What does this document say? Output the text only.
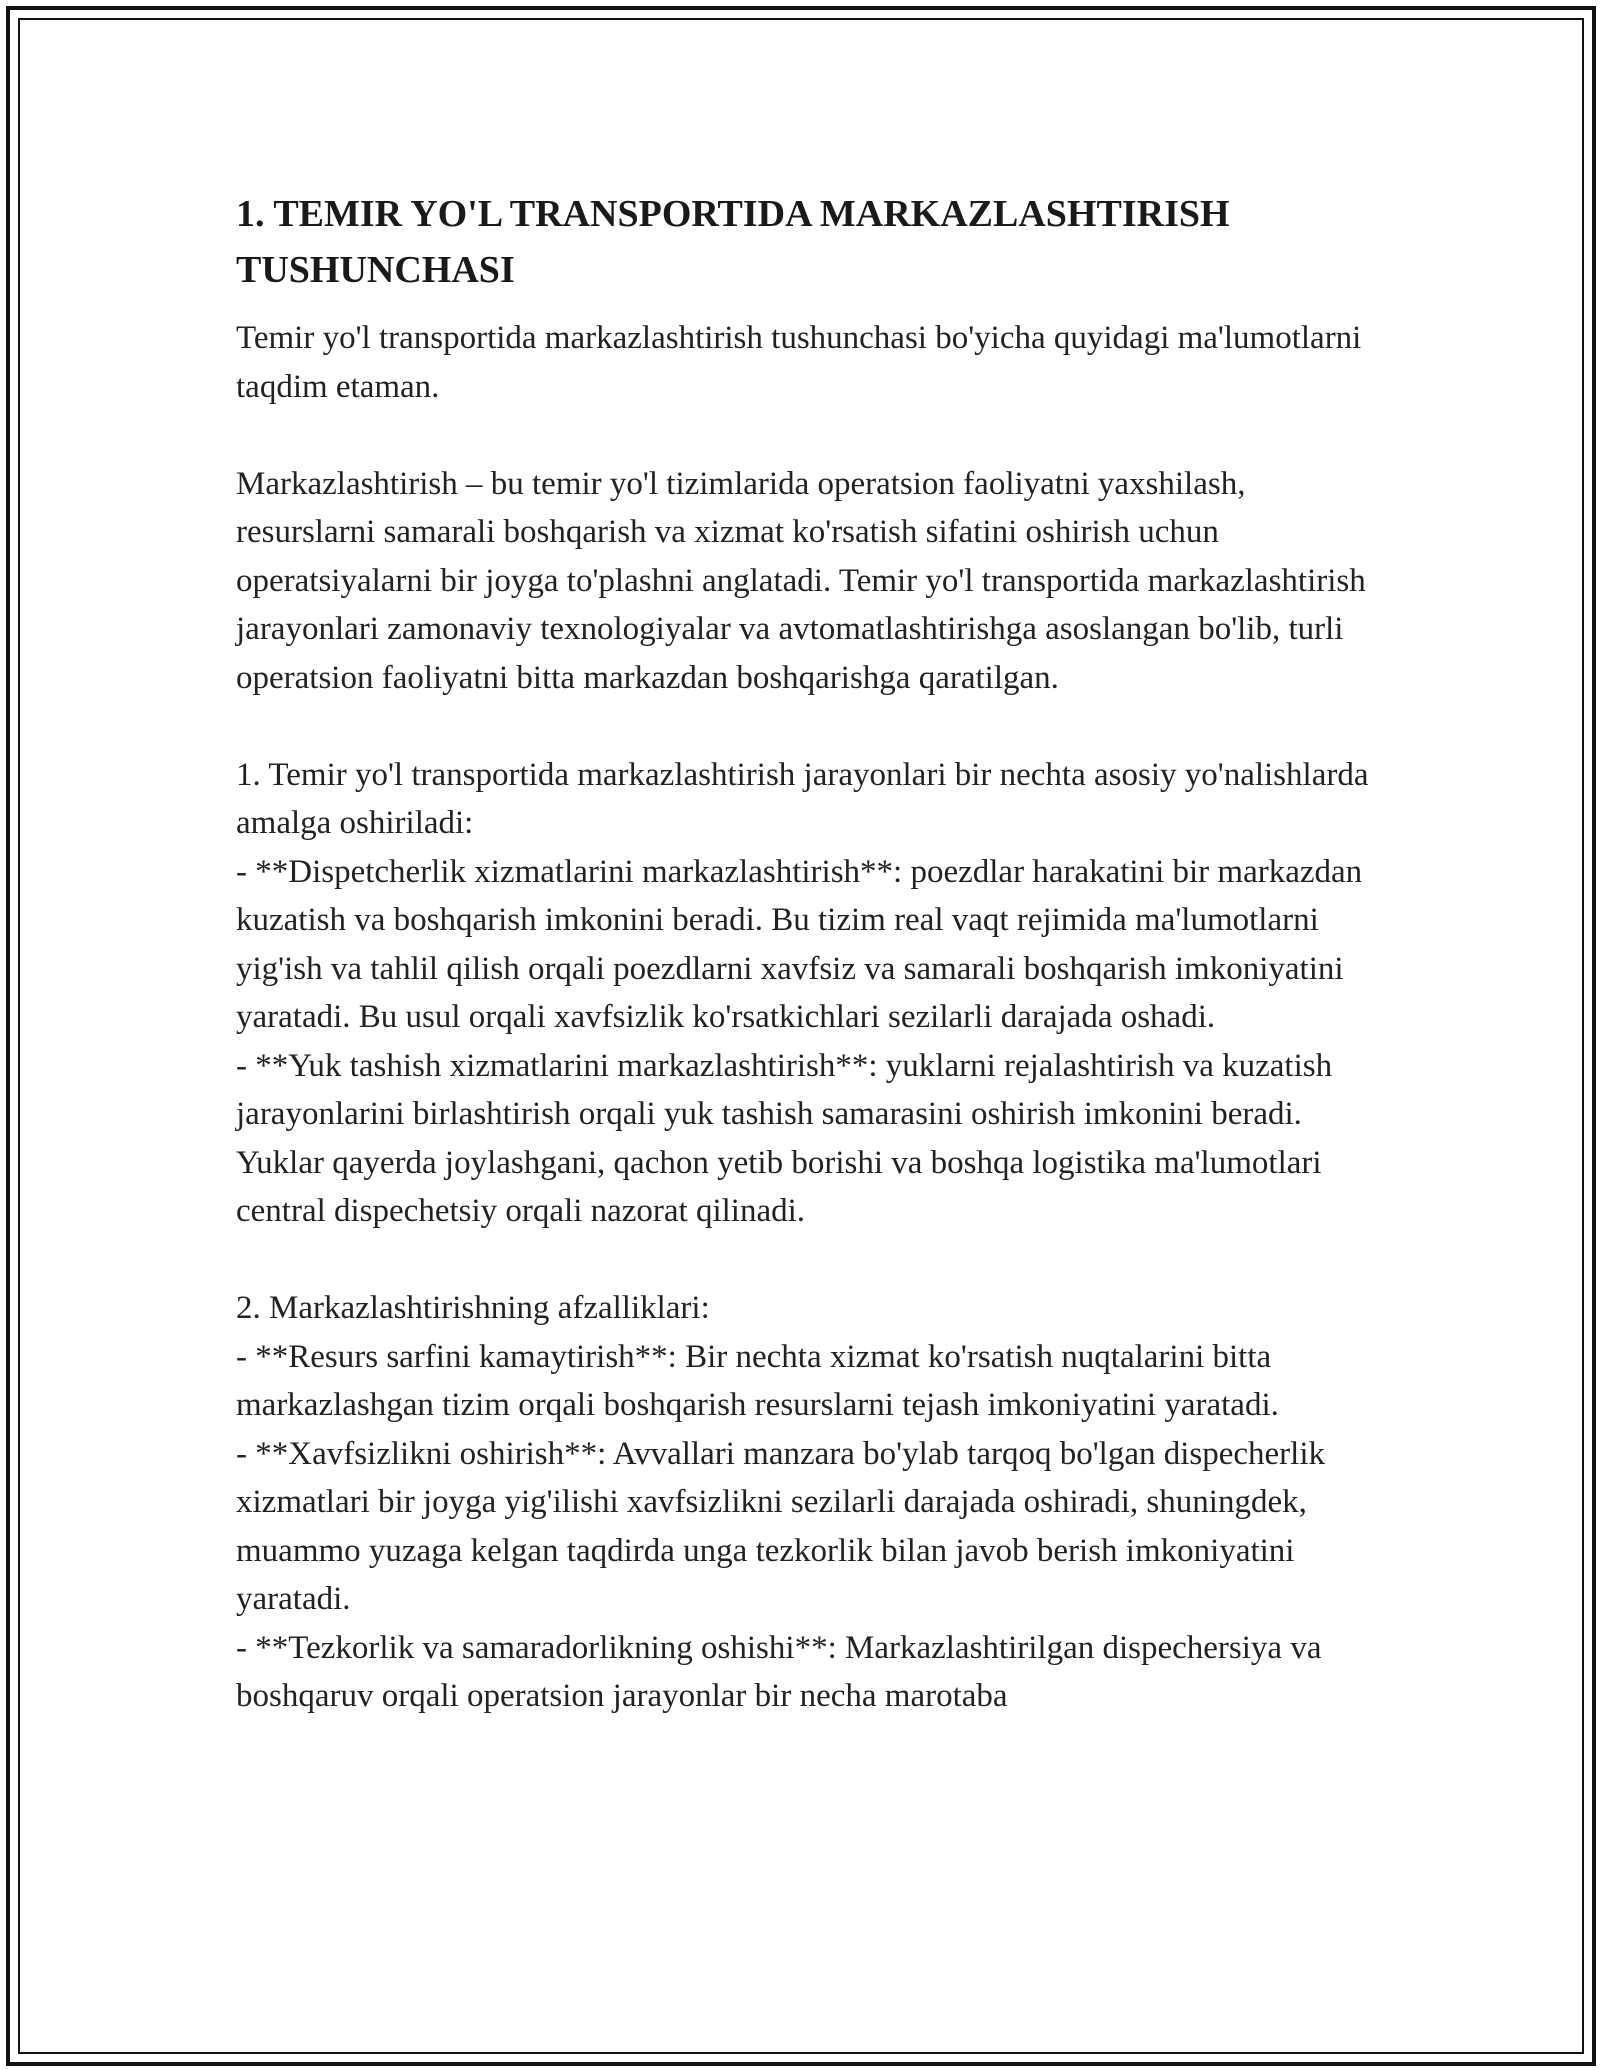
1. TEMIR YO'L TRANSPORTIDA MARKAZLASHTIRISH TUSHUNCHASI

Temir yo'l transportida markazlashtirish tushunchasi bo'yicha quyidagi ma'lumotlarni taqdim etaman.

Markazlashtirish – bu temir yo'l tizimlarida operatsion faoliyatni yaxshilash, resurslarni samarali boshqarish va xizmat ko'rsatish sifatini oshirish uchun operatsiyalarni bir joyga to'plashni anglatadi. Temir yo'l transportida markazlashtirish jarayonlari zamonaviy texnologiyalar va avtomatlashtirishga asoslangan bo'lib, turli operatsion faoliyatni bitta markazdan boshqarishga qaratilgan.

1. Temir yo'l transportida markazlashtirish jarayonlari bir nechta asosiy yo'nalishlarda amalga oshiriladi:
- **Dispetcherlik xizmatlarini markazlashtirish**: poezdlar harakatini bir markazdan kuzatish va boshqarish imkonini beradi. Bu tizim real vaqt rejimida ma'lumotlarni yig'ish va tahlil qilish orqali poezdlarni xavfsiz va samarali boshqarish imkoniyatini yaratadi. Bu usul orqali xavfsizlik ko'rsatkichlari sezilarli darajada oshadi.
- **Yuk tashish xizmatlarini markazlashtirish**: yuklarni rejalashtirish va kuzatish jarayonlarini birlashtirish orqali yuk tashish samarasini oshirish imkonini beradi. Yuklar qayerda joylashgani, qachon yetib borishi va boshqa logistika ma'lumotlari central dispechetsiy orqali nazorat qilinadi.

2. Markazlashtirishning afzalliklari:
- **Resurs sarfini kamaytirish**: Bir nechta xizmat ko'rsatish nuqtalarini bitta markazlashgan tizim orqali boshqarish resurslarni tejash imkoniyatini yaratadi.
- **Xavfsizlikni oshirish**: Avvallari manzara bo'ylab tarqoq bo'lgan dispecherlik xizmatlari bir joyga yig'ilishi xavfsizlikni sezilarli darajada oshiradi, shuningdek, muammo yuzaga kelgan taqdirda unga tezkorlik bilan javob berish imkoniyatini yaratadi.
- **Tezkorlik va samaradorlikning oshishi**: Markazlashtirilgan dispechersiya va boshqaruv orqali operatsion jarayonlar bir necha marotaba
